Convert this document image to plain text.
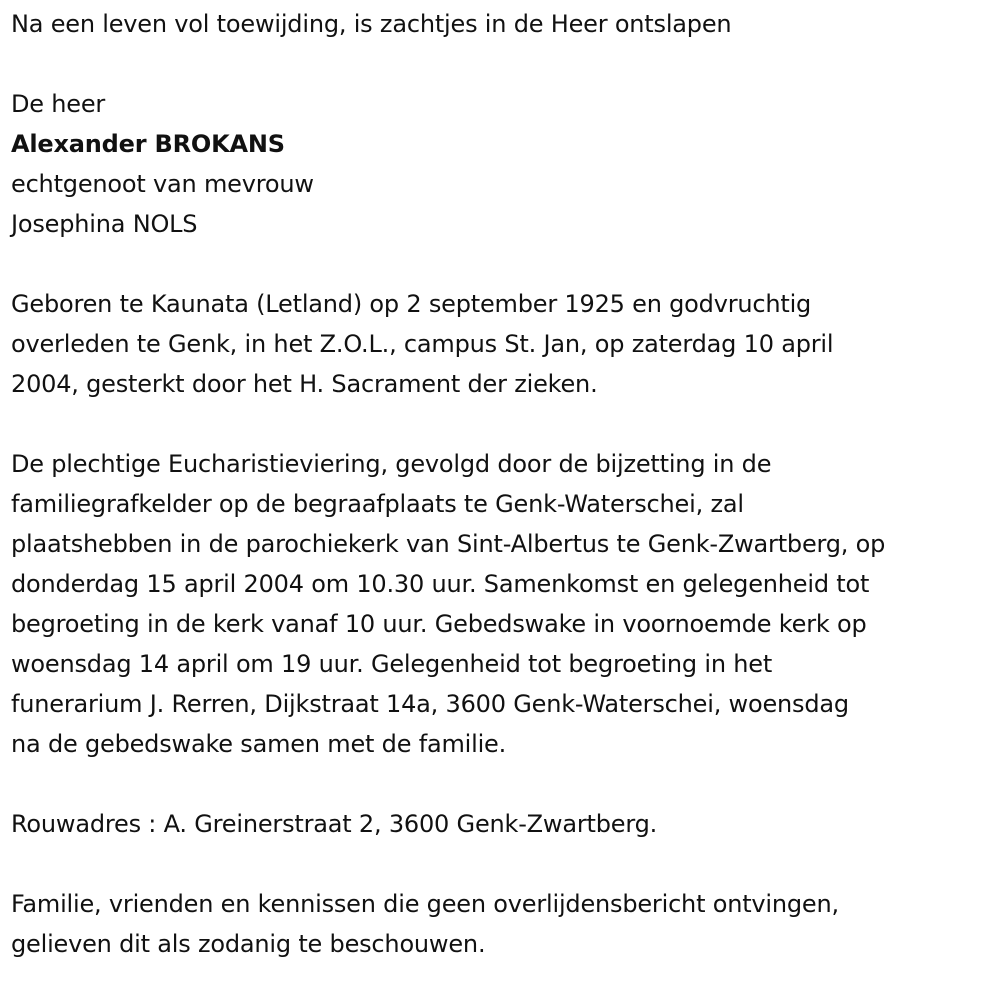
Na een leven vol toewijding, is zachtjes in de Heer ontslapen

De heer

Alexander BROKANS

echtgenoot van mevrouw

Josephina NOLS

Geboren te Kaunata (Letland) op 2 september 1925 en godvruchtig
overleden te Genk, in het Z.O.L., campus St. Jan, op zaterdag 10 april
2004, gesterkt door het H. Sacrament der zieken.
De plechtige Eucharistieviering, gevolgd door de bijzetting in de
familiegrafkelder op de begraafplaats te Genk-Waterschei, zal
plaatshebben in de parochiekerk van Sint-Albertus te Genk-Zwartberg, op
donderdag 15 april 2004 om 10.30 uur. Samenkomst en gelegenheid tot
begroeting in de kerk vanaf 10 uur. Gebedswake in voornoemde kerk op
woensdag 14 april om 19 uur. Gelegenheid tot begroeting in het
funerarium J. Rerren, Dijkstraat 14a, 3600 Genk-Waterschei, woensdag
na de gebedswake samen met de familie.

Rouwadres : A. Greinerstraat 2, 3600 Genk-Zwartberg.

Familie, vrienden en kennissen die geen overlijdensbericht ontvingen,
gelieven dit als zodanig te beschouwen.
